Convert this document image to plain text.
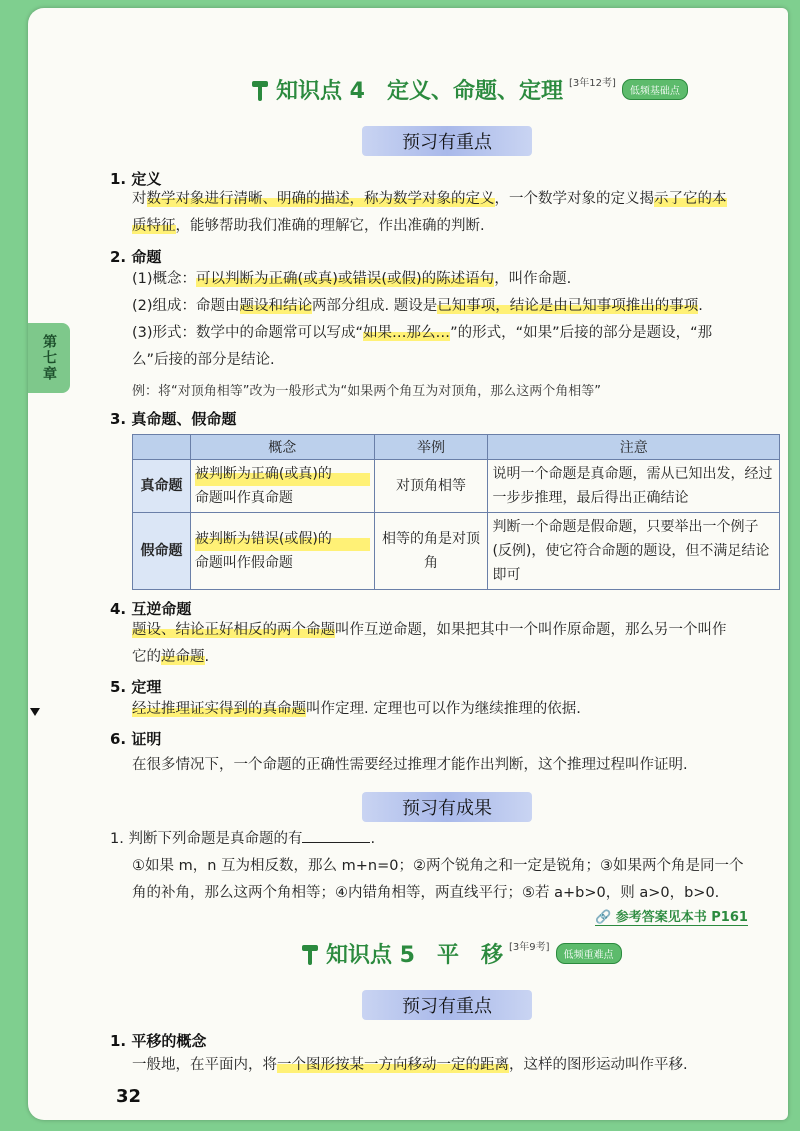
第七章
知识点 4　定义、命题、定理 [3年12考]
低频基础点
预习有重点
1. 定义
对数学对象进行清晰、明确的描述，称为数学对象的定义，一个数学对象的定义揭示了它的本
质特征，能够帮助我们准确的理解它，作出准确的判断.
2. 命题
(1)概念：可以判断为正确(或真)或错误(或假)的陈述语句，叫作命题.
(2)组成：命题由题设和结论两部分组成. 题设是已知事项，结论是由已知事项推出的事项.
(3)形式：数学中的命题常可以写成“如果…那么…”的形式，“如果”后接的部分是题设，“那
么”后接的部分是结论.
例：将“对顶角相等”改为一般形式为“如果两个角互为对顶角，那么这两个角相等”
3. 真命题、假命题
	概念	举例	注意
真命题	被判断为正确(或真)的
命题叫作真命题	对顶角相等	说明一个命题是真命题，需从已知出发，经过一步步推理，最后得出正确结论
假命题	被判断为错误(或假)的
命题叫作假命题	相等的角是对顶角	判断一个命题是假命题，只要举出一个例子(反例)，使它符合命题的题设，但不满足结论即可
4. 互逆命题
题设、结论正好相反的两个命题叫作互逆命题，如果把其中一个叫作原命题，那么另一个叫作
它的逆命题.
5. 定理
经过推理证实得到的真命题叫作定理. 定理也可以作为继续推理的依据.
6. 证明
在很多情况下，一个命题的正确性需要经过推理才能作出判断，这个推理过程叫作证明.
预习有成果
1. 判断下列命题是真命题的有	.
①如果 m，n 互为相反数，那么 m+n=0；②两个锐角之和一定是锐角；③如果两个角是同一个
角的补角，那么这两个角相等；④内错角相等，两直线平行；⑤若 a+b>0，则 a>0，b>0.
🔗 参考答案见本书 P161
知识点 5　平　移 [3年9考]
低频重难点
预习有重点
1. 平移的概念
一般地，在平面内，将一个图形按某一方向移动一定的距离，这样的图形运动叫作平移.
32
